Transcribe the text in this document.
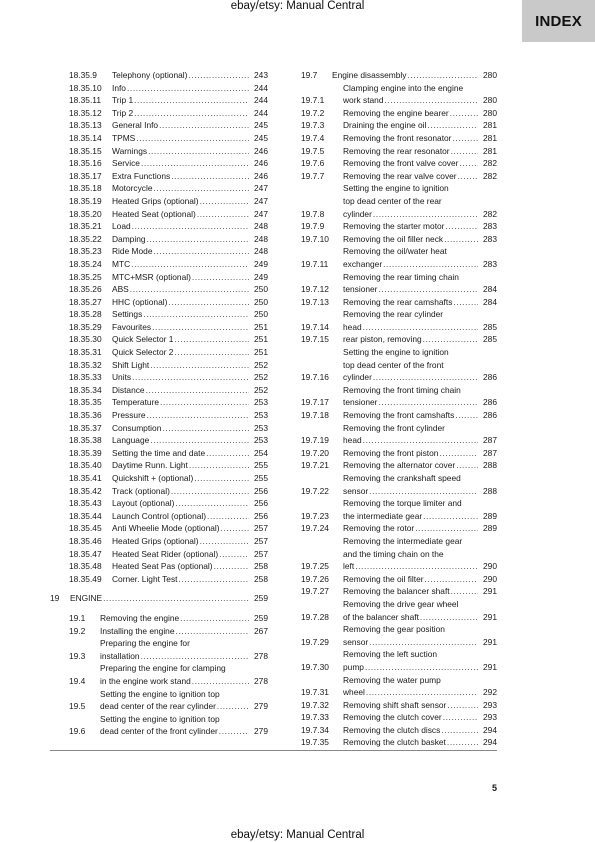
ebay/etsy: Manual Central
INDEX
18.35.9	Telephony (optional) .....	243
18.35.10	Info .....	244
18.35.11	Trip 1 .....	244
18.35.12	Trip 2 .....	244
18.35.13	General Info .....	245
18.35.14	TPMS .....	245
18.35.15	Warnings .....	246
18.35.16	Service .....	246
18.35.17	Extra Functions .....	246
18.35.18	Motorcycle .....	247
18.35.19	Heated Grips (optional) .....	247
18.35.20	Heated Seat (optional) .....	247
18.35.21	Load .....	248
18.35.22	Damping .....	248
18.35.23	Ride Mode .....	248
18.35.24	MTC .....	249
18.35.25	MTC+MSR (optional) .....	249
18.35.26	ABS .....	250
18.35.27	HHC (optional) .....	250
18.35.28	Settings .....	250
18.35.29	Favourites .....	251
18.35.30	Quick Selector 1 .....	251
18.35.31	Quick Selector 2 .....	251
18.35.32	Shift Light .....	252
18.35.33	Units .....	252
18.35.34	Distance .....	252
18.35.35	Temperature .....	253
18.35.36	Pressure .....	253
18.35.37	Consumption .....	253
18.35.38	Language .....	253
18.35.39	Setting the time and date .....	254
18.35.40	Daytime Runn. Light .....	255
18.35.41	Quickshift + (optional) .....	255
18.35.42	Track (optional) .....	256
18.35.43	Layout (optional) .....	256
18.35.44	Launch Control (optional) .....	256
18.35.45	Anti Wheelie Mode (optional) .....	257
18.35.46	Heated Grips (optional) .....	257
18.35.47	Heated Seat Rider (optional) .....	257
18.35.48	Heated Seat Pas (optional) .....	258
18.35.49	Corner. Light Test .....	258
19	ENGINE .....	259
19.1	Removing the engine .....	259
19.2	Installing the engine .....	267
19.3
Preparing the engine for
installation .....	278
19.4
Preparing the engine for clamping
in the engine work stand .....	278
19.5
Setting the engine to ignition top
dead center of the rear cylinder .....	279
19.6
Setting the engine to ignition top
dead center of the front cylinder .....	279
19.7	Engine disassembly .....	280
19.7.1
Clamping engine into the engine
work stand .....	280
19.7.2	Removing the engine bearer .....	280
19.7.3	Draining the engine oil .....	281
19.7.4	Removing the front resonator .....	281
19.7.5	Removing the rear resonator .....	281
19.7.6	Removing the front valve cover .....	282
19.7.7	Removing the rear valve cover .....	282
19.7.8
Setting the engine to ignition
top dead center of the rear
cylinder .....	282
19.7.9	Removing the starter motor .....	283
19.7.10	Removing the oil filler neck .....	283
19.7.11
Removing the oil/water heat
exchanger .....	283
19.7.12
Removing the rear timing chain
tensioner .....	284
19.7.13	Removing the rear camshafts .....	284
19.7.14
Removing the rear cylinder
head .....	285
19.7.15	rear piston, removing .....	285
19.7.16
Setting the engine to ignition
top dead center of the front
cylinder .....	286
19.7.17
Removing the front timing chain
tensioner .....	286
19.7.18	Removing the front camshafts .....	286
19.7.19
Removing the front cylinder
head .....	287
19.7.20	Removing the front piston .....	287
19.7.21	Removing the alternator cover .....	288
19.7.22
Removing the crankshaft speed
sensor .....	288
19.7.23
Removing the torque limiter and
the intermediate gear .....	289
19.7.24	Removing the rotor .....	289
19.7.25
Removing the intermediate gear
and the timing chain on the
left .....	290
19.7.26	Removing the oil filter .....	290
19.7.27	Removing the balancer shaft .....	291
19.7.28
Removing the drive gear wheel
of the balancer shaft .....	291
19.7.29
Removing the gear position
sensor .....	291
19.7.30
Removing the left suction
pump .....	291
19.7.31
Removing the water pump
wheel .....	292
19.7.32	Removing shift shaft sensor .....	293
19.7.33	Removing the clutch cover .....	293
19.7.34	Removing the clutch discs .....	294
19.7.35	Removing the clutch basket .....	294
5
ebay/etsy: Manual Central
